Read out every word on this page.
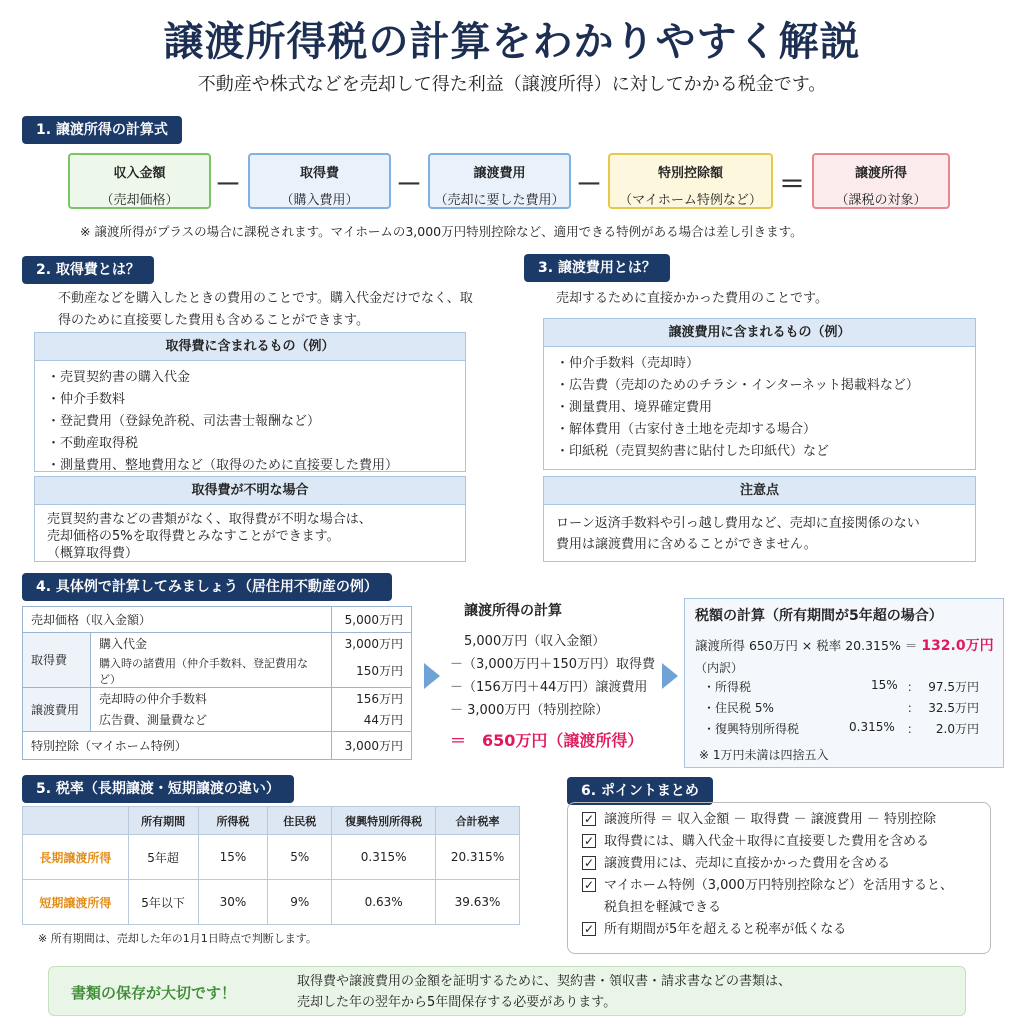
譲渡所得税の計算をわかりやすく解説
不動産や株式などを売却して得た利益（譲渡所得）に対してかかる税金です。
1. 譲渡所得の計算式
収入金額
（売却価格）
－	取得費
（購入費用）
－	譲渡費用
（売却に要した費用）
－	特別控除額
（マイホーム特例など）
＝	譲渡所得
（課税の対象）
※ 譲渡所得がプラスの場合に課税されます。マイホームの3,000万円特別控除など、適用できる特例がある場合は差し引きます。
2. 取得費とは？
不動産などを購入したときの費用のことです。購入代金だけでなく、取
得のために直接要した費用も含めることができます。
取得費に含まれるもの（例）
・売買契約書の購入代金
・仲介手数料
・登記費用（登録免許税、司法書士報酬など）
・不動産取得税
・測量費用、整地費用など（取得のために直接要した費用）
取得費が不明な場合
売買契約書などの書類がなく、取得費が不明な場合は、
売却価格の5%を取得費とみなすことができます。
（概算取得費）
3. 譲渡費用とは？
売却するために直接かかった費用のことです。
譲渡費用に含まれるもの（例）
・仲介手数料（売却時）
・広告費（売却のためのチラシ・インターネット掲載料など）
・測量費用、境界確定費用
・解体費用（古家付き土地を売却する場合）
・印紙税（売買契約書に貼付した印紙代）など
注意点
ローン返済手数料や引っ越し費用など、売却に直接関係のない
費用は譲渡費用に含めることができません。
4. 具体例で計算してみましょう（居住用不動産の例）
売却価格（収入金額）		5,000万円
取得費	購入代金	3,000万円
	購入時の諸費用（仲介手数料、登記費用など）	150万円
譲渡費用	売却時の仲介手数料	156万円
	広告費、測量費など	44万円
特別控除（マイホーム特例）		3,000万円
譲渡所得の計算
5,000万円（収入金額）
－（3,000万円＋150万円）取得費
－（156万円＋44万円）譲渡費用
－ 3,000万円（特別控除）
＝　650万円（譲渡所得）
税額の計算（所有期間が5年超の場合）
譲渡所得 650万円 × 税率 20.315% ＝ 132.0万円
（内訳）
・所得税	15% ： 97.5万円
・住民税 5%	： 32.5万円
・復興特別所得税	0.315% ： 2.0万円
※ 1万円未満は四捨五入
5. 税率（長期譲渡・短期譲渡の違い）
	所有期間	所得税	住民税	復興特別所得税	合計税率
長期譲渡所得	5年超	15%	5%	0.315%	20.315%
短期譲渡所得	5年以下	30%	9%	0.63%	39.63%
※ 所有期間は、売却した年の1月1日時点で判断します。
6. ポイントまとめ
✓ 譲渡所得 ＝ 収入金額 － 取得費 － 譲渡費用 － 特別控除
✓ 取得費には、購入代金＋取得に直接要した費用を含める
✓ 譲渡費用には、売却に直接かかった費用を含める
✓ マイホーム特例（3,000万円特別控除など）を活用すると、
税負担を軽減できる
✓ 所有期間が5年を超えると税率が低くなる
書類の保存が大切です！
取得費や譲渡費用の金額を証明するために、契約書・領収書・請求書などの書類は、
売却した年の翌年から5年間保存する必要があります。
